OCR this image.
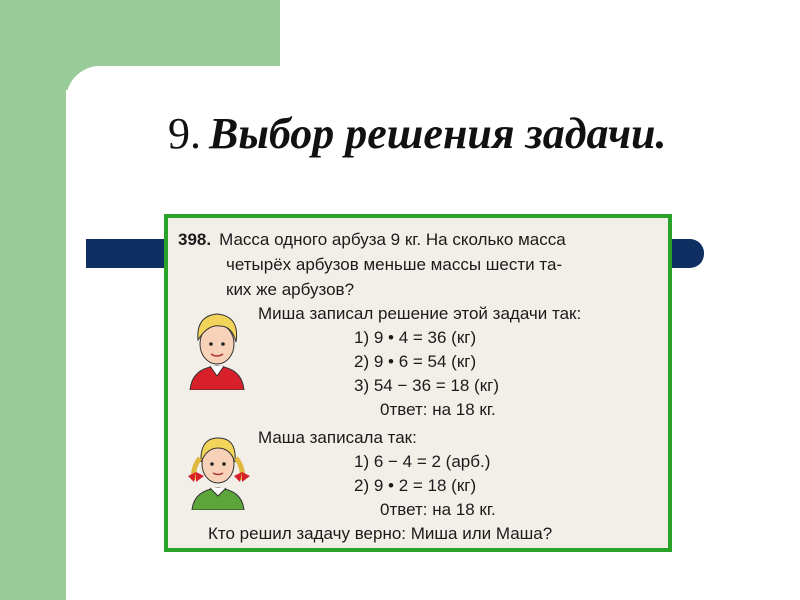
9. Выбор решения задачи.
398. Масса одного арбуза 9 кг. На сколько масса
четырёх арбузов меньше массы шести та-
ких же арбузов?
Миша записал решение этой задачи так:
1) 9 • 4 = 36 (кг)
2) 9 • 6 = 54 (кг)
3) 54 − 36 = 18 (кг)
0твет: на 18 кг.
Маша записала так:
1) 6 − 4 = 2 (арб.)
2) 9 • 2 = 18 (кг)
0твет: на 18 кг.
Кто решил задачу верно: Миша или Маша?
